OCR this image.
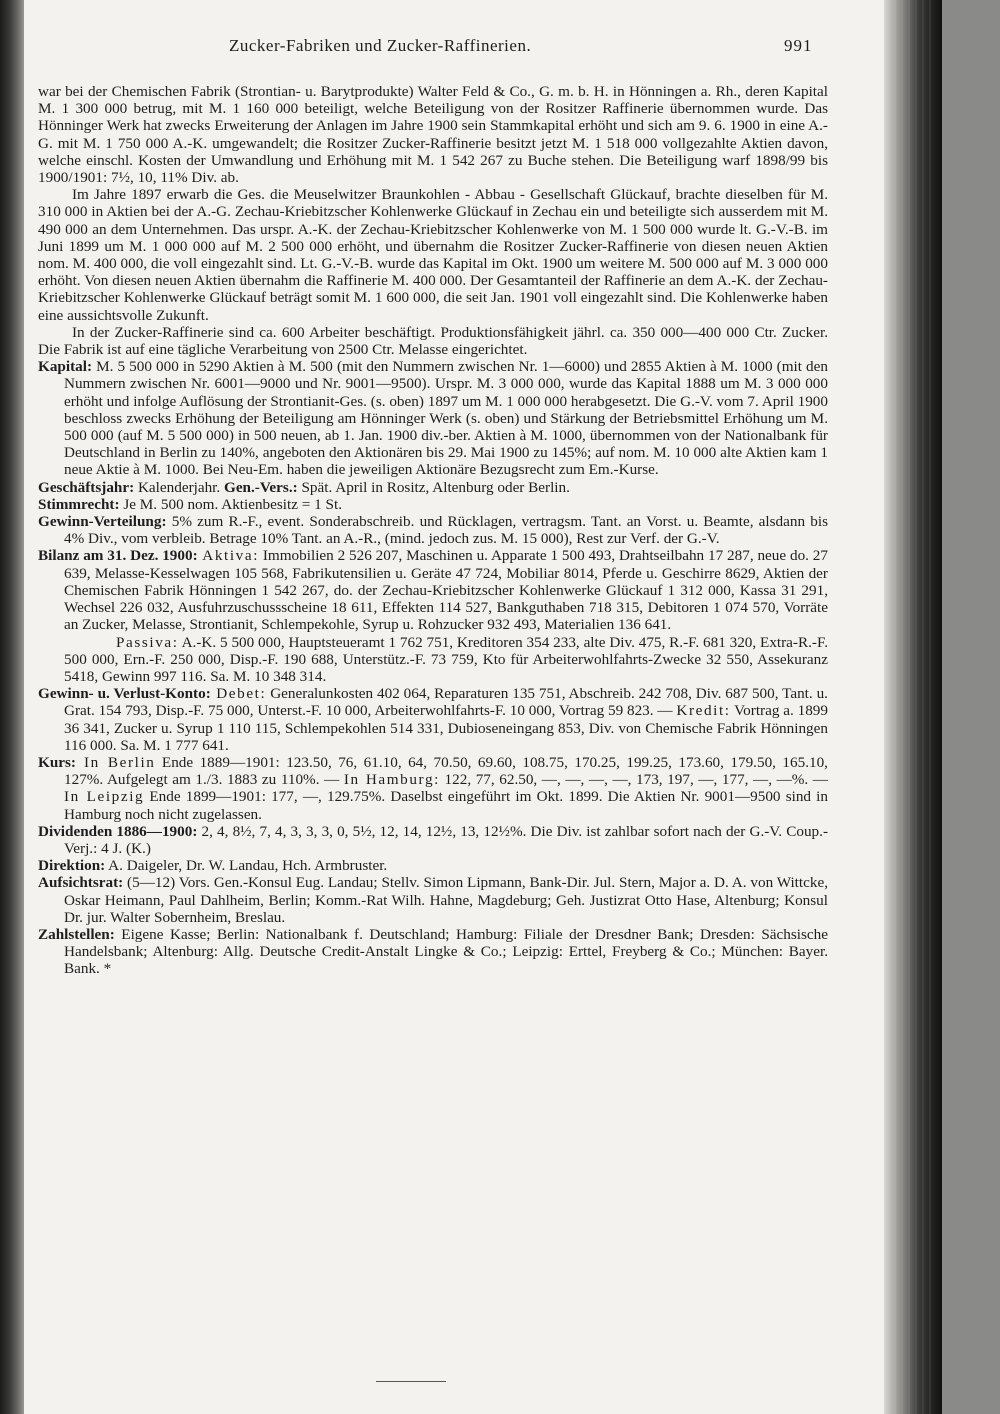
Zucker-Fabriken und Zucker-Raffinerien.	991

war bei der Chemischen Fabrik (Strontian- u. Barytprodukte) Walter Feld & Co., G. m. b. H. in Hönningen a. Rh., deren Kapital M. 1 300 000 betrug, mit M. 1 160 000 beteiligt, welche Beteiligung von der Rositzer Raffinerie übernommen wurde. Das Hönninger Werk hat zwecks Erweiterung der Anlagen im Jahre 1900 sein Stammkapital erhöht und sich am 9. 6. 1900 in eine A.-G. mit M. 1 750 000 A.-K. umgewandelt; die Rositzer Zucker-Raffinerie besitzt jetzt M. 1 518 000 vollgezahlte Aktien davon, welche einschl. Kosten der Umwandlung und Erhöhung mit M. 1 542 267 zu Buche stehen. Die Beteiligung warf 1898/99 bis 1900/1901: 7½, 10, 11% Div. ab.

Im Jahre 1897 erwarb die Ges. die Meuselwitzer Braunkohlen - Abbau - Gesellschaft Glückauf, brachte dieselben für M. 310 000 in Aktien bei der A.-G. Zechau-Kriebitzscher Kohlenwerke Glückauf in Zechau ein und beteiligte sich ausserdem mit M. 490 000 an dem Unternehmen. Das urspr. A.-K. der Zechau-Kriebitzscher Kohlenwerke von M. 1 500 000 wurde lt. G.-V.-B. im Juni 1899 um M. 1 000 000 auf M. 2 500 000 erhöht, und übernahm die Rositzer Zucker-Raffinerie von diesen neuen Aktien nom. M. 400 000, die voll eingezahlt sind. Lt. G.-V.-B. wurde das Kapital im Okt. 1900 um weitere M. 500 000 auf M. 3 000 000 erhöht. Von diesen neuen Aktien übernahm die Raffinerie M. 400 000. Der Gesamtanteil der Raffinerie an dem A.-K. der Zechau-Kriebitzscher Kohlenwerke Glückauf beträgt somit M. 1 600 000, die seit Jan. 1901 voll eingezahlt sind. Die Kohlenwerke haben eine aussichtsvolle Zukunft.

In der Zucker-Raffinerie sind ca. 600 Arbeiter beschäftigt. Produktionsfähigkeit jährl. ca. 350 000—400 000 Ctr. Zucker. Die Fabrik ist auf eine tägliche Verarbeitung von 2500 Ctr. Melasse eingerichtet.

Kapital: M. 5 500 000 in 5290 Aktien à M. 500 (mit den Nummern zwischen Nr. 1—6000) und 2855 Aktien à M. 1000 (mit den Nummern zwischen Nr. 6001—9000 und Nr. 9001—9500). Urspr. M. 3 000 000, wurde das Kapital 1888 um M. 3 000 000 erhöht und infolge Auflösung der Strontianit-Ges. (s. oben) 1897 um M. 1 000 000 herabgesetzt. Die G.-V. vom 7. April 1900 beschloss zwecks Erhöhung der Beteiligung am Hönninger Werk (s. oben) und Stärkung der Betriebsmittel Erhöhung um M. 500 000 (auf M. 5 500 000) in 500 neuen, ab 1. Jan. 1900 div.-ber. Aktien à M. 1000, übernommen von der Nationalbank für Deutschland in Berlin zu 140%, angeboten den Aktionären bis 29. Mai 1900 zu 145%; auf nom. M. 10 000 alte Aktien kam 1 neue Aktie à M. 1000. Bei Neu-Em. haben die jeweiligen Aktionäre Bezugsrecht zum Em.-Kurse.

Geschäftsjahr: Kalenderjahr. Gen.-Vers.: Spät. April in Rositz, Altenburg oder Berlin.

Stimmrecht: Je M. 500 nom. Aktienbesitz = 1 St.

Gewinn-Verteilung: 5% zum R.-F., event. Sonderabschreib. und Rücklagen, vertragsm. Tant. an Vorst. u. Beamte, alsdann bis 4% Div., vom verbleib. Betrage 10% Tant. an A.-R., (mind. jedoch zus. M. 15 000), Rest zur Verf. der G.-V.

Bilanz am 31. Dez. 1900: Aktiva: Immobilien 2 526 207, Maschinen u. Apparate 1 500 493, Drahtseilbahn 17 287, neue do. 27 639, Melasse-Kesselwagen 105 568, Fabrikutensilien u. Geräte 47 724, Mobiliar 8014, Pferde u. Geschirre 8629, Aktien der Chemischen Fabrik Hönningen 1 542 267, do. der Zechau-Kriebitzscher Kohlenwerke Glückauf 1 312 000, Kassa 31 291, Wechsel 226 032, Ausfuhrzuschussscheine 18 611, Effekten 114 527, Bankguthaben 718 315, Debitoren 1 074 570, Vorräte an Zucker, Melasse, Strontianit, Schlempekohle, Syrup u. Rohzucker 932 493, Materialien 136 641.

Passiva: A.-K. 5 500 000, Hauptsteueramt 1 762 751, Kreditoren 354 233, alte Div. 475, R.-F. 681 320, Extra-R.-F. 500 000, Ern.-F. 250 000, Disp.-F. 190 688, Unterstütz.-F. 73 759, Kto für Arbeiterwohlfahrts-Zwecke 32 550, Assekuranz 5418, Gewinn 997 116. Sa. M. 10 348 314.

Gewinn- u. Verlust-Konto: Debet: Generalunkosten 402 064, Reparaturen 135 751, Abschreib. 242 708, Div. 687 500, Tant. u. Grat. 154 793, Disp.-F. 75 000, Unterst.-F. 10 000, Arbeiterwohlfahrts-F. 10 000, Vortrag 59 823. — Kredit: Vortrag a. 1899 36 341, Zucker u. Syrup 1 110 115, Schlempekohlen 514 331, Dubioseneingang 853, Div. von Chemische Fabrik Hönningen 116 000. Sa. M. 1 777 641.

Kurs: In Berlin Ende 1889—1901: 123.50, 76, 61.10, 64, 70.50, 69.60, 108.75, 170.25, 199.25, 173.60, 179.50, 165.10, 127%. Aufgelegt am 1./3. 1883 zu 110%. — In Hamburg: 122, 77, 62.50, —, —, —, —, 173, 197, —, 177, —, —%. — In Leipzig Ende 1899—1901: 177, —, 129.75%. Daselbst eingeführt im Okt. 1899. Die Aktien Nr. 9001—9500 sind in Hamburg noch nicht zugelassen.

Dividenden 1886—1900: 2, 4, 8½, 7, 4, 3, 3, 3, 0, 5½, 12, 14, 12½, 13, 12½%. Die Div. ist zahlbar sofort nach der G.-V. Coup.-Verj.: 4 J. (K.)

Direktion: A. Daigeler, Dr. W. Landau, Hch. Armbruster.

Aufsichtsrat: (5—12) Vors. Gen.-Konsul Eug. Landau; Stellv. Simon Lipmann, Bank-Dir. Jul. Stern, Major a. D. A. von Wittcke, Oskar Heimann, Paul Dahlheim, Berlin; Komm.-Rat Wilh. Hahne, Magdeburg; Geh. Justizrat Otto Hase, Altenburg; Konsul Dr. jur. Walter Sobernheim, Breslau.

Zahlstellen: Eigene Kasse; Berlin: Nationalbank f. Deutschland; Hamburg: Filiale der Dresdner Bank; Dresden: Sächsische Handelsbank; Altenburg: Allg. Deutsche Credit-Anstalt Lingke & Co.; Leipzig: Erttel, Freyberg & Co.; München: Bayer. Bank. *
